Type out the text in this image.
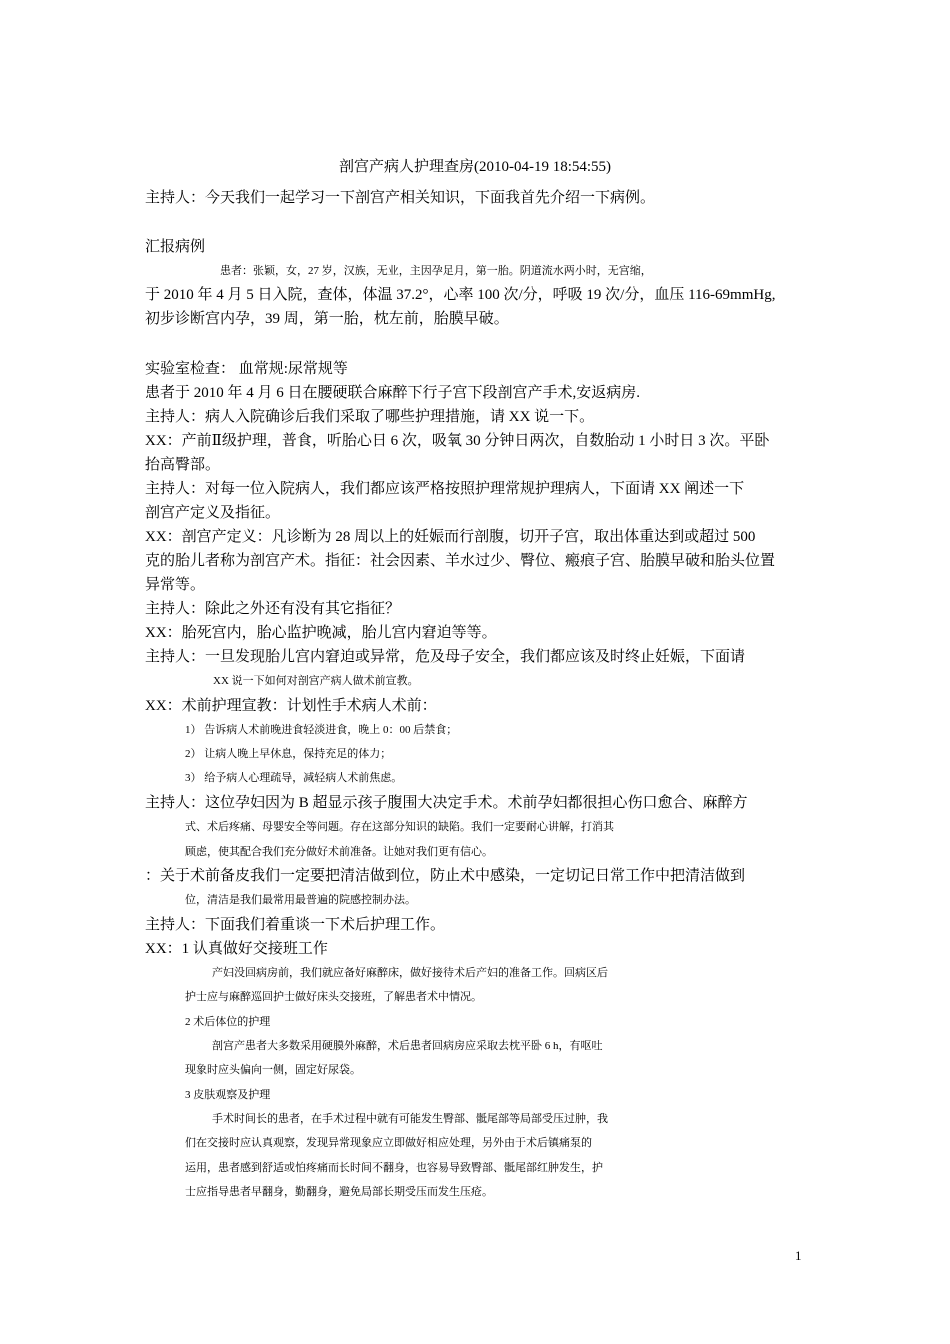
剖宫产病人护理查房(2010-04-19 18:54:55)
主持人：今天我们一起学习一下剖宫产相关知识，下面我首先介绍一下病例。
汇报病例
患者：张颖，女，27 岁，汉族，无业，主因孕足月，第一胎。阴道流水两小时，无宫缩，
于 2010 年 4 月 5 日入院，查体，体温 37.2°，心率 100 次/分，呼吸 19 次/分，血压 116-69mmHg,
初步诊断宫内孕，39 周，第一胎，枕左前，胎膜早破。
实验室检查： 血常规:尿常规等
患者于 2010 年 4 月 6 日在腰硬联合麻醉下行子宫下段剖宫产手术,安返病房.
主持人：病人入院确诊后我们采取了哪些护理措施，请 XX 说一下。
XX：产前Ⅱ级护理，普食，听胎心日 6 次，吸氧 30 分钟日两次，自数胎动 1 小时日 3 次。平卧
抬高臀部。
主持人：对每一位入院病人，我们都应该严格按照护理常规护理病人，下面请 XX 阐述一下
剖宫产定义及指征。
XX：剖宫产定义：凡诊断为 28 周以上的妊娠而行剖腹，切开子宫，取出体重达到或超过 500
克的胎儿者称为剖宫产术。指征：社会因素、羊水过少、臀位、瘢痕子宫、胎膜早破和胎头位置
异常等。
主持人：除此之外还有没有其它指征？
XX：胎死宫内，胎心监护晚减，胎儿宫内窘迫等等。
主持人：一旦发现胎儿宫内窘迫或异常，危及母子安全，我们都应该及时终止妊娠，下面请
XX 说一下如何对剖宫产病人做术前宣教。
XX：术前护理宣教：计划性手术病人术前：
1） 告诉病人术前晚进食轻淡进食，晚上 0：00 后禁食；
2） 让病人晚上早休息，保持充足的体力；
3） 给予病人心理疏导，减轻病人术前焦虑。
主持人：这位孕妇因为 B 超显示孩子腹围大决定手术。术前孕妇都很担心伤口愈合、麻醉方
式、术后疼痛、母婴安全等问题。存在这部分知识的缺陷。我们一定要耐心讲解，打消其
顾虑，使其配合我们充分做好术前准备。让她对我们更有信心。
：关于术前备皮我们一定要把清洁做到位，防止术中感染，一定切记日常工作中把清洁做到
位，清洁是我们最常用最普遍的院感控制办法。
主持人：下面我们着重谈一下术后护理工作。
XX：1 认真做好交接班工作
产妇没回病房前，我们就应备好麻醉床，做好接待术后产妇的准备工作。回病区后
护士应与麻醉巡回护士做好床头交接班，了解患者术中情况。
2 术后体位的护理
剖宫产患者大多数采用硬膜外麻醉，术后患者回病房应采取去枕平卧 6 h，有呕吐
现象时应头偏向一侧，固定好尿袋。
3 皮肤观察及护理
手术时间长的患者，在手术过程中就有可能发生臀部、骶尾部等局部受压过肿，我
们在交接时应认真观察，发现异常现象应立即做好相应处理，另外由于术后镇痛泵的
运用，患者感到舒适或怕疼痛而长时间不翻身，也容易导致臀部、骶尾部红肿发生，护
士应指导患者早翻身，勤翻身，避免局部长期受压而发生压疮。
1
